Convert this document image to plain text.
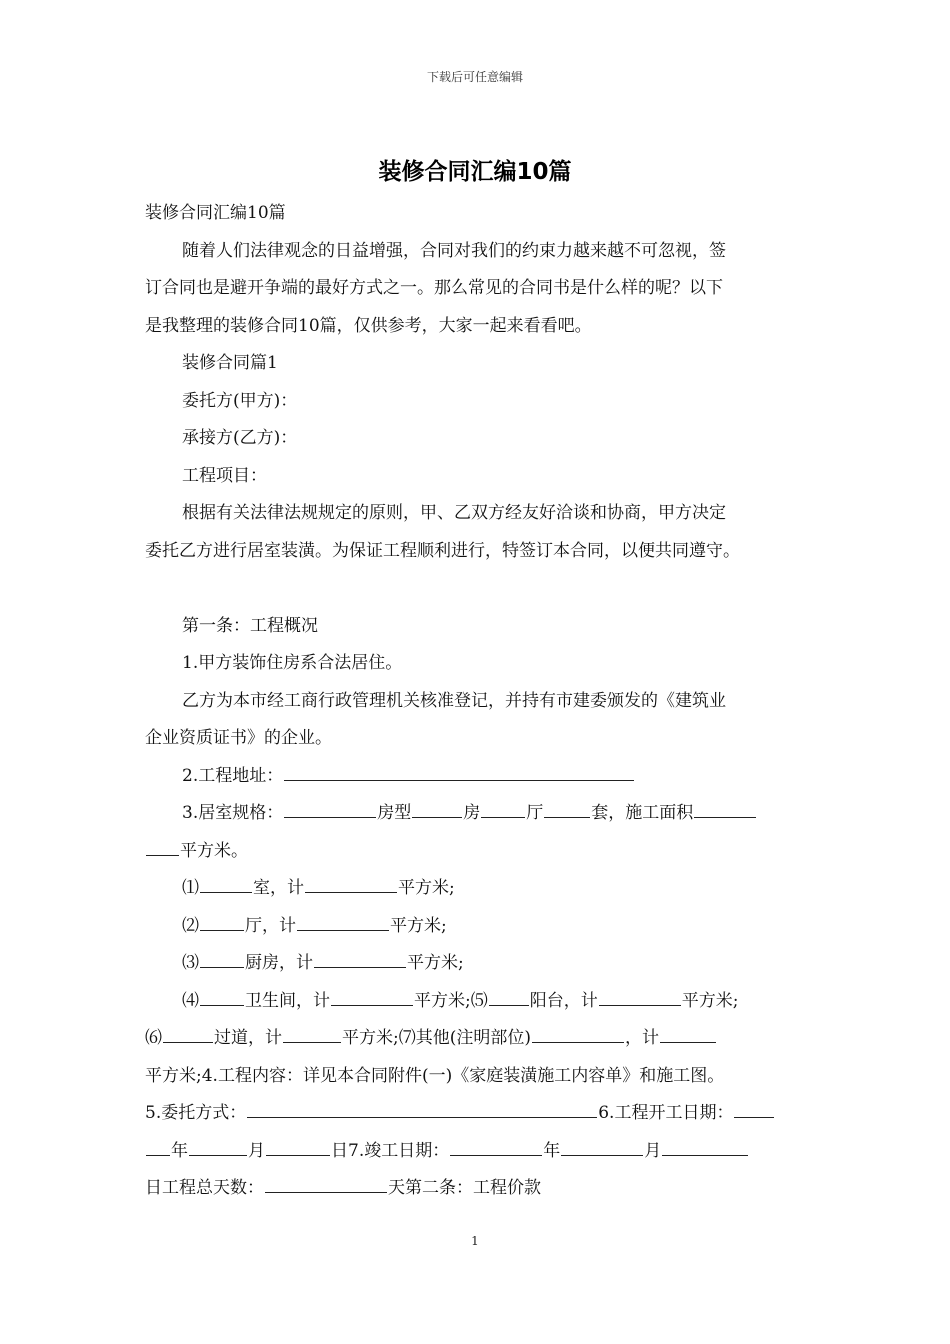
下载后可任意编辑
装修合同汇编10篇
装修合同汇编10篇
随着人们法律观念的日益增强，合同对我们的约束力越来越不可忽视，签
订合同也是避开争端的最好方式之一。那么常见的合同书是什么样的呢？以下
是我整理的装修合同10篇，仅供参考，大家一起来看看吧。
装修合同篇1
委托方(甲方)：
承接方(乙方)：
工程项目：
根据有关法律法规规定的原则，甲、乙双方经友好洽谈和协商，甲方决定
委托乙方进行居室装潢。为保证工程顺利进行，特签订本合同，以便共同遵守。
第一条：工程概况
1.甲方装饰住房系合法居住。
乙方为本市经工商行政管理机关核准登记，并持有市建委颁发的《建筑业
企业资质证书》的企业。
2.工程地址：
3.居室规格：	房型	房	厅	套，施工面积
平方米。
⑴	室，计	平方米;
⑵	厅，计	平方米;
⑶	厨房，计	平方米;
⑷	卫生间，计	平方米;⑸ 阳台，计	平方米;
⑹	过道，计	平方米;⑺其他(注明部位)	，计
平方米;4.工程内容：详见本合同附件(一)《家庭装潢施工内容单》和施工图。
5.委托方式：	6.工程开工日期：
年	月	日7.竣工日期：	年	月
日工程总天数：	天第二条：工程价款
1
